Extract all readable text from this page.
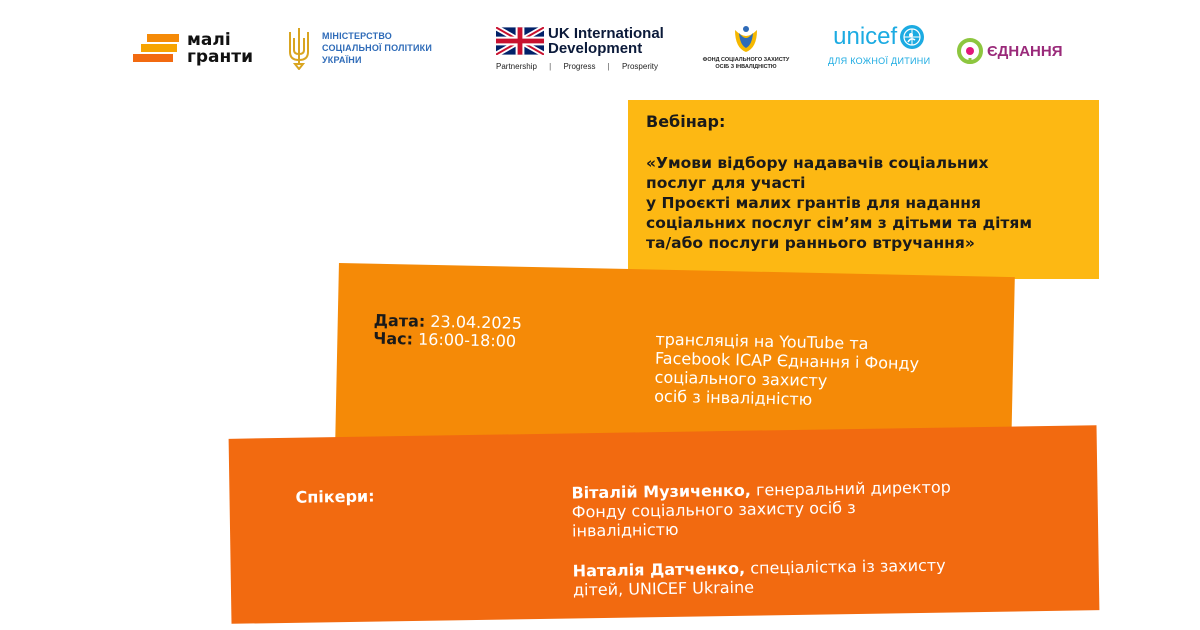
малі
гранти
МІНІСТЕРСТВО
СОЦІАЛЬНОЇ ПОЛІТИКИ
УКРАЇНИ
UK International
Development
Partnership | Progress | Prosperity
ФОНД СОЦІАЛЬНОГО ЗАХИСТУ
ОСІБ З ІНВАЛІДНІСТЮ
unicef
ДЛЯ КОЖНОЇ ДИТИНИ
ЄДНАННЯ
Вебінар:
«Умови відбору надавачів соціальних
послуг для участі
у Проєкті малих грантів для надання
соціальних послуг сім’ям з дітьми та дітям
та/або послуги раннього втручання»
Дата: 23.04.2025
Час: 16:00-18:00	трансляція на YouTube та
Facebook ІСАР Єднання і Фонду
соціального захисту
осіб з інвалідністю
Спікери:	Віталій Музиченко, генеральний директор
Фонду соціального захисту осіб з
інвалідністю
Наталія Датченко, спеціалістка із захисту
дітей, UNICEF Ukraine
